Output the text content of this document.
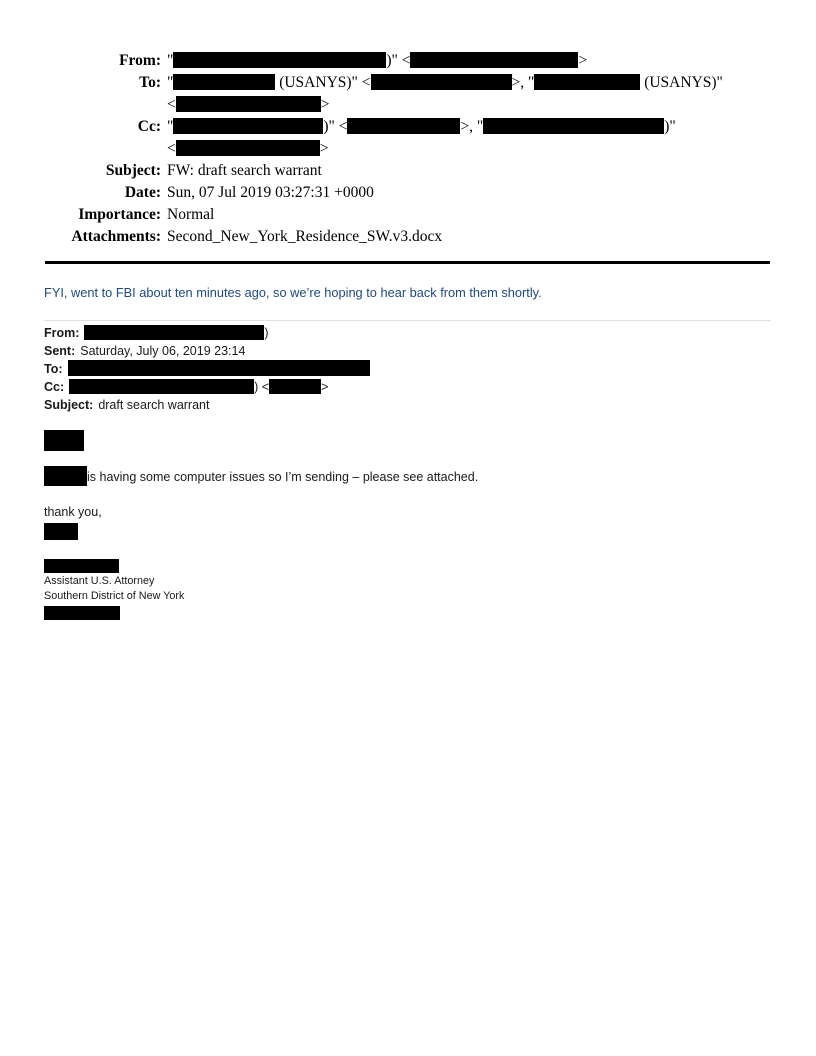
From: "	)" <	>
To: "	(USANYS)" <	>, "	(USANYS)"
<	>
Cc: "	)" <	>, "	)"
<	>
Subject: FW: draft search warrant
Date: Sun, 07 Jul 2019 03:27:31 +0000
Importance: Normal
Attachments: Second_New_York_Residence_SW.v3.docx
FYI, went to FBI about ten minutes ago, so we’re hoping to hear back from them shortly.
From:	)
Sent: Saturday, July 06, 2019 23:14
To:
Cc:	) <	>
Subject: draft search warrant
is having some computer issues so I’m sending – please see attached.
thank you,
Assistant U.S. Attorney
Southern District of New York
